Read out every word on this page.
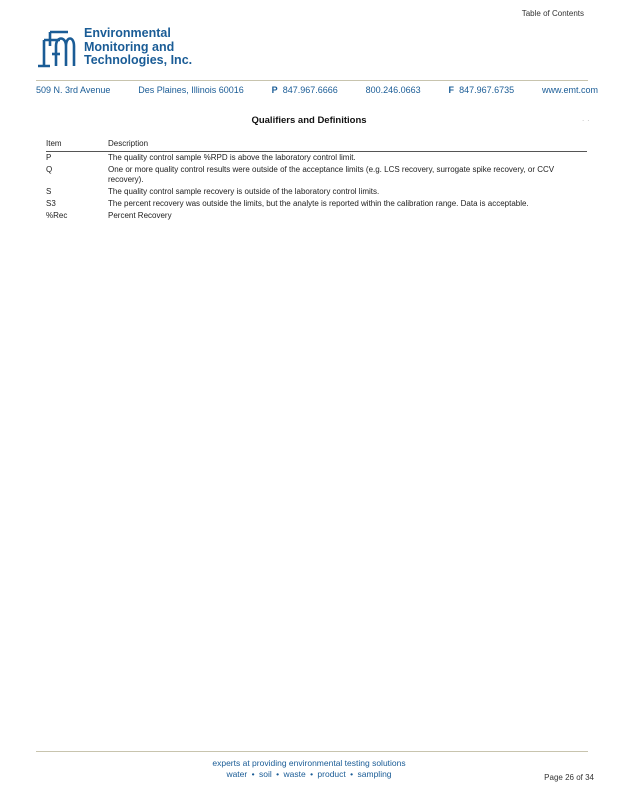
Table of Contents
Environmental
Monitoring and
Technologies, Inc.
509 N. 3rd Avenue	Des Plaines, Illinois 60016	P 847.967.6666	800.246.0663	F 847.967.6735	www.emt.com
Qualifiers and Definitions	· ·
Item	Description
P	The quality control sample %RPD is above the laboratory control limit.
Q	One or more quality control results were outside of the acceptance limits (e.g. LCS recovery, surrogate spike recovery, or CCV recovery).
S	The quality control sample recovery is outside of the laboratory control limits.
S3	The percent recovery was outside the limits, but the analyte is reported within the calibration range. Data is acceptable.
%Rec	Percent Recovery
experts at providing environmental testing solutions
water • soil • waste • product • sampling	Page 26 of 34
